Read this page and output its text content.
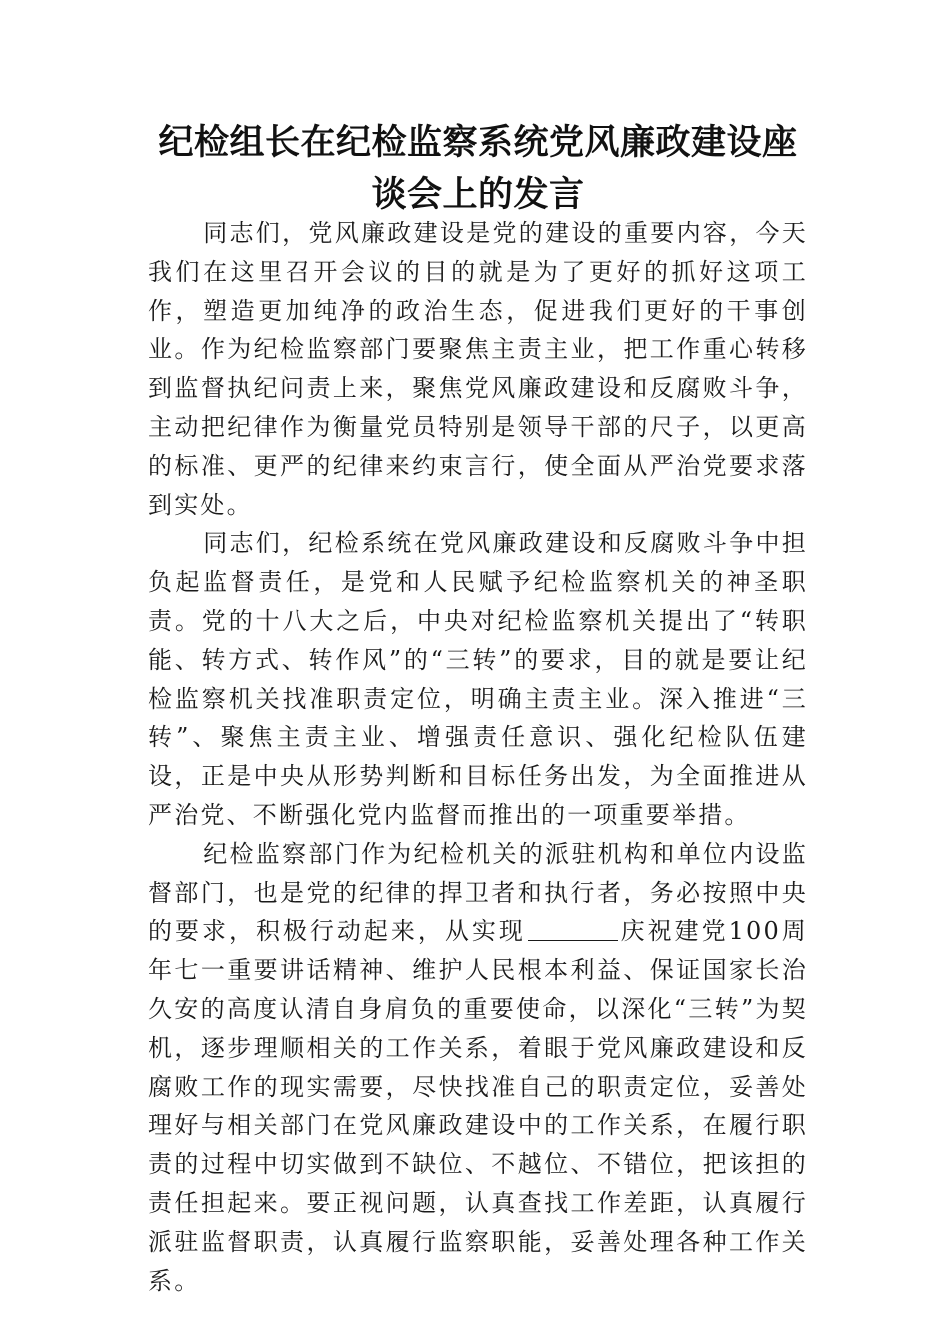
纪检组长在纪检监察系统党风廉政建设座谈会上的发言

同志们，党风廉政建设是党的建设的重要内容，今天我们在这里召开会议的目的就是为了更好的抓好这项工作，塑造更加纯净的政治生态，促进我们更好的干事创业。作为纪检监察部门要聚焦主责主业，把工作重心转移到监督执纪问责上来，聚焦党风廉政建设和反腐败斗争，主动把纪律作为衡量党员特别是领导干部的尺子，以更高的标准、更严的纪律来约束言行，使全面从严治党要求落到实处。

同志们，纪检系统在党风廉政建设和反腐败斗争中担负起监督责任，是党和人民赋予纪检监察机关的神圣职责。党的十八大之后，中央对纪检监察机关提出了“转职能、转方式、转作风”的“三转”的要求，目的就是要让纪检监察机关找准职责定位，明确主责主业。深入推进“三转”、聚焦主责主业、增强责任意识、强化纪检队伍建设，正是中央从形势判断和目标任务出发，为全面推进从严治党、不断强化党内监督而推出的一项重要举措。

纪检监察部门作为纪检机关的派驻机构和单位内设监督部门，也是党的纪律的捍卫者和执行者，务必按照中央的要求，积极行动起来，从实现	庆祝建党100周年七一重要讲话精神、维护人民根本利益、保证国家长治久安的高度认清自身肩负的重要使命，以深化“三转”为契机，逐步理顺相关的工作关系，着眼于党风廉政建设和反腐败工作的现实需要，尽快找准自己的职责定位，妥善处理好与相关部门在党风廉政建设中的工作关系，在履行职责的过程中切实做到不缺位、不越位、不错位，把该担的责任担起来。要正视问题，认真查找工作差距，认真履行派驻监督职责，认真履行监察职能，妥善处理各种工作关系。
